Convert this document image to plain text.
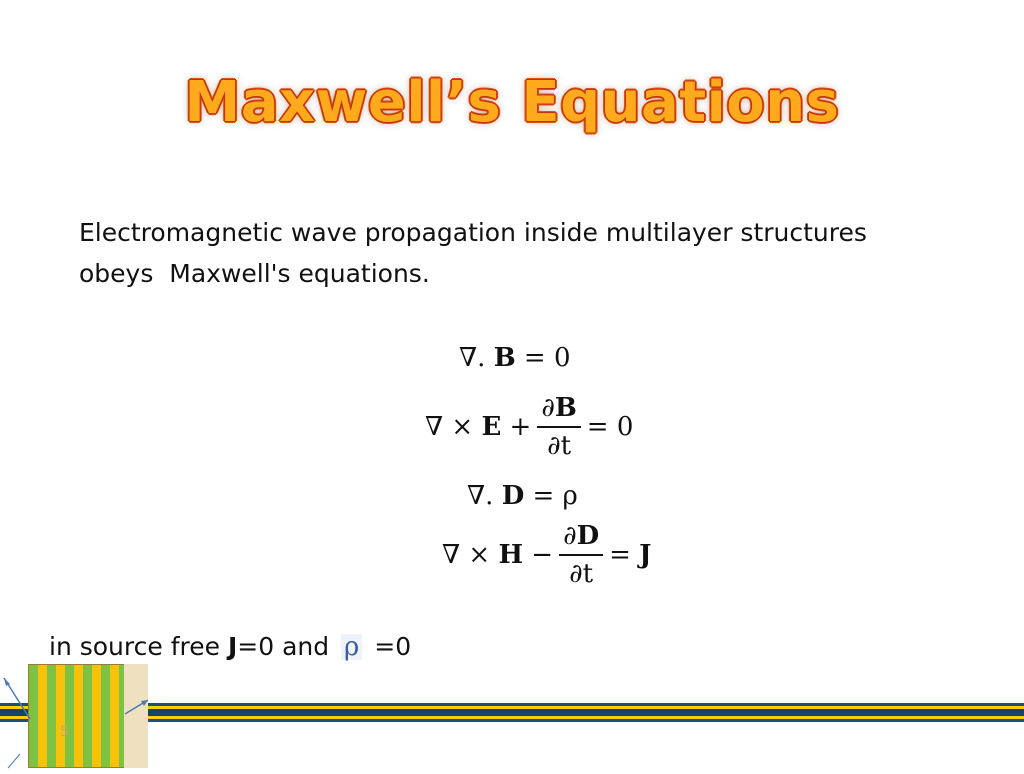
Maxwell’s Equations
Electromagnetic wave propagation inside multilayer structures
obeys  Maxwell's equations.
∇. B = 0
∇ × $E + \frac{\partial B}{\partial t} = 0$
∇. D = ρ
∇ × $H - \frac{\partial D}{\partial t} = J$
in source free J =0 and ρ =0
5
